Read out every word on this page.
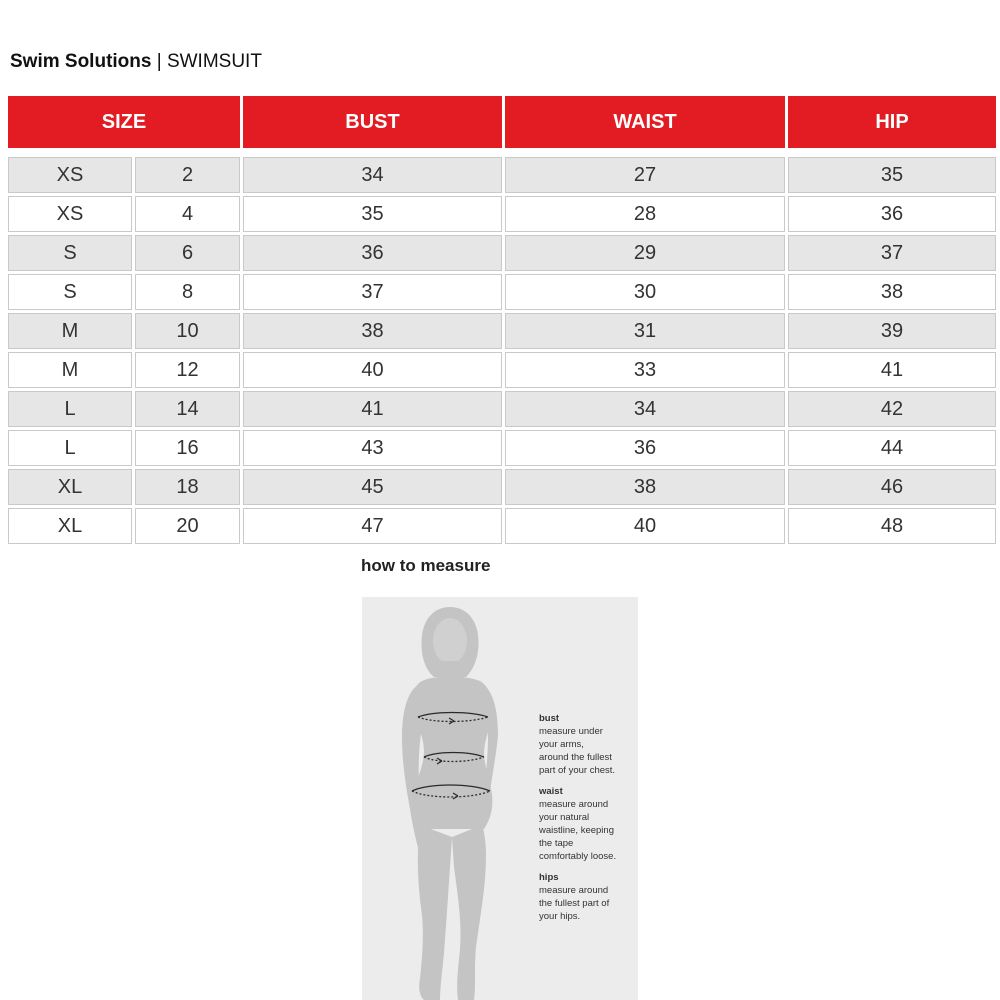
Swim Solutions | SWIMSUIT
SIZE	BUST	WAIST	HIP
XS	2	34	27	35
XS	4	35	28	36
S	6	36	29	37
S	8	37	30	38
M	10	38	31	39
M	12	40	33	41
L	14	41	34	42
L	16	43	36	44
XL	18	45	38	46
XL	20	47	40	48
how to measure
bust
measure under
your arms,
around the fullest
part of your chest.
waist
measure around
your natural
waistline, keeping
the tape
comfortably loose.
hips
measure around
the fullest part of
your hips.
